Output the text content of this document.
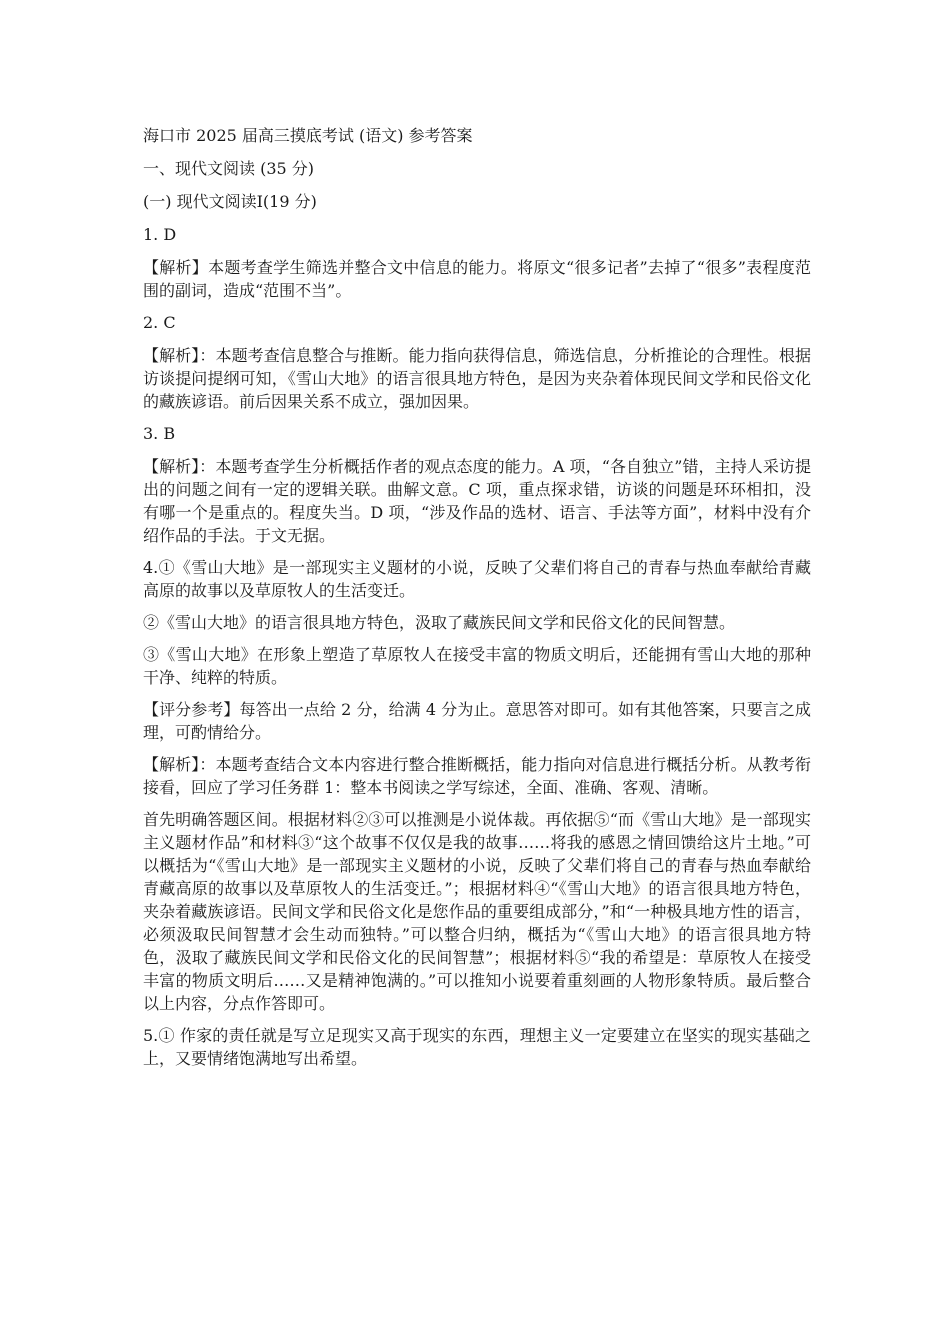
海口市 2025 届高三摸底考试 (语文) 参考答案
一、现代文阅读 (35 分)
(一) 现代文阅读Ⅰ(19 分)
1. D
【解析】本题考查学生筛选并整合文中信息的能力。将原文“很多记者”去掉了“很多”表程度范围的副词，造成“范围不当”。
2. C
【解析】：本题考查信息整合与推断。能力指向获得信息，筛选信息，分析推论的合理性。根据访谈提问提纲可知，《雪山大地》的语言很具地方特色，是因为夹杂着体现民间文学和民俗文化的藏族谚语。前后因果关系不成立，强加因果。
3. B
【解析】：本题考查学生分析概括作者的观点态度的能力。A 项，“各自独立”错，主持人采访提出的问题之间有一定的逻辑关联。曲解文意。C 项，重点探求错，访谈的问题是环环相扣，没有哪一个是重点的。程度失当。D 项，“涉及作品的选材、语言、手法等方面”，材料中没有介绍作品的手法。于文无据。
4.①《雪山大地》是一部现实主义题材的小说，反映了父辈们将自己的青春与热血奉献给青藏高原的故事以及草原牧人的生活变迁。
②《雪山大地》的语言很具地方特色，汲取了藏族民间文学和民俗文化的民间智慧。
③《雪山大地》在形象上塑造了草原牧人在接受丰富的物质文明后，还能拥有雪山大地的那种干净、纯粹的特质。
【评分参考】每答出一点给 2 分，给满 4 分为止。意思答对即可。如有其他答案，只要言之成理，可酌情给分。
【解析】：本题考查结合文本内容进行整合推断概括，能力指向对信息进行概括分析。从教考衔接看，回应了学习任务群 1：整本书阅读之学写综述，全面、准确、客观、清晰。
首先明确答题区间。根据材料②③可以推测是小说体裁。再依据⑤“而《雪山大地》是一部现实主义题材作品”和材料③“这个故事不仅仅是我的故事……将我的感恩之情回馈给这片土地。”可以概括为“《雪山大地》是一部现实主义题材的小说，反映了父辈们将自己的青春与热血奉献给青藏高原的故事以及草原牧人的生活变迁。”；根据材料④“《雪山大地》的语言很具地方特色，夹杂着藏族谚语。民间文学和民俗文化是您作品的重要组成部分，”和“一种极具地方性的语言，必须汲取民间智慧才会生动而独特。”可以整合归纳，概括为“《雪山大地》的语言很具地方特色，汲取了藏族民间文学和民俗文化的民间智慧”；根据材料⑤“我的希望是：草原牧人在接受丰富的物质文明后……又是精神饱满的。”可以推知小说要着重刻画的人物形象特质。最后整合以上内容，分点作答即可。
5.① 作家的责任就是写立足现实又高于现实的东西，理想主义一定要建立在坚实的现实基础之上，又要情绪饱满地写出希望。
